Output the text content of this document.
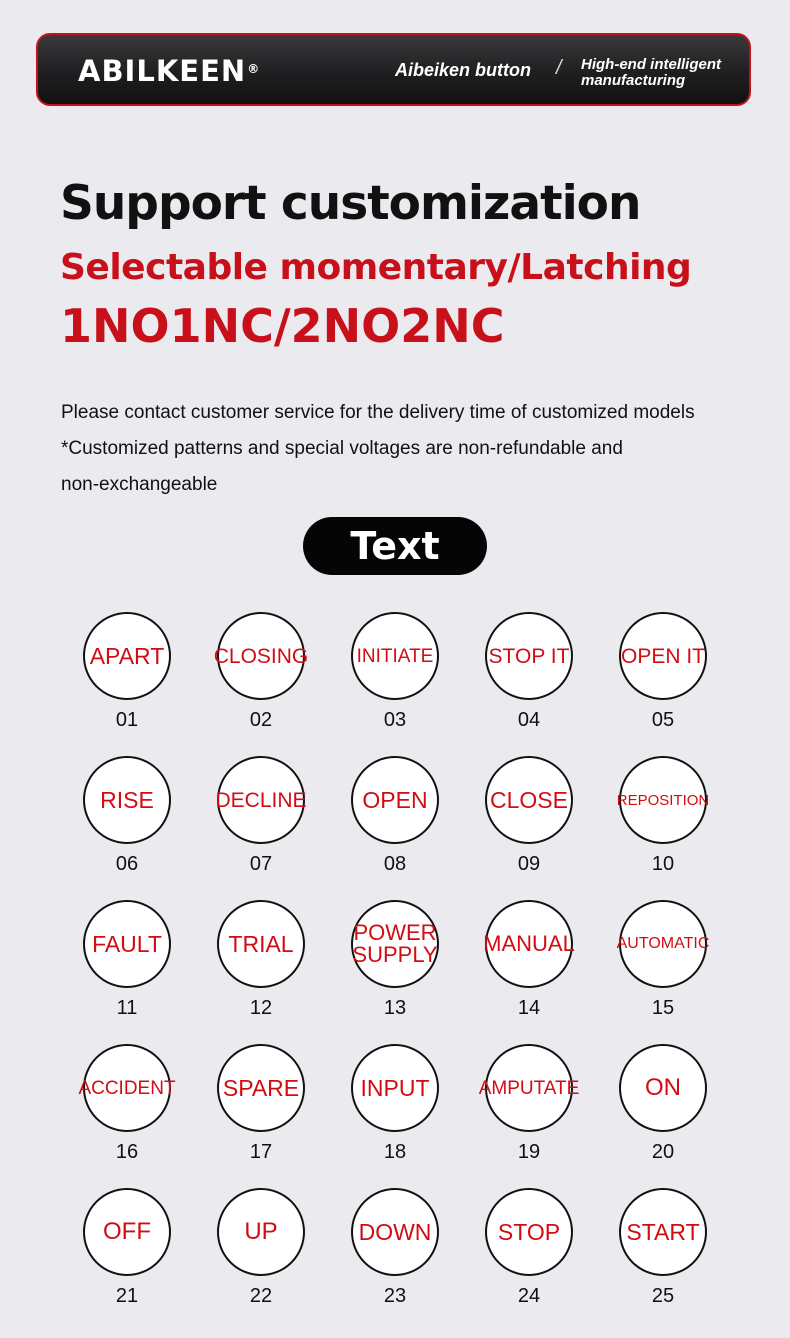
ABILKEEN®	Aibeiken button / High-end intelligent
manufacturing
Support customization
Selectable momentary/Latching
1NO1NC/2NO2NC
Please contact customer service for the delivery time of customized models
*Customized patterns and special voltages are non-refundable and
non-exchangeable
Text
APART
01
CLOSING
02
INITIATE
03
STOP IT
04
OPEN IT
05
RISE
06
DECLINE
07
OPEN
08
CLOSE
09
REPOSITION
10
FAULT
11
TRIAL
12
POWER
SUPPLY
13
MANUAL
14
AUTOMATIC
15
ACCIDENT
16
SPARE
17
INPUT
18
AMPUTATE
19
ON
20
OFF
21
UP
22
DOWN
23
STOP
24
START
25
